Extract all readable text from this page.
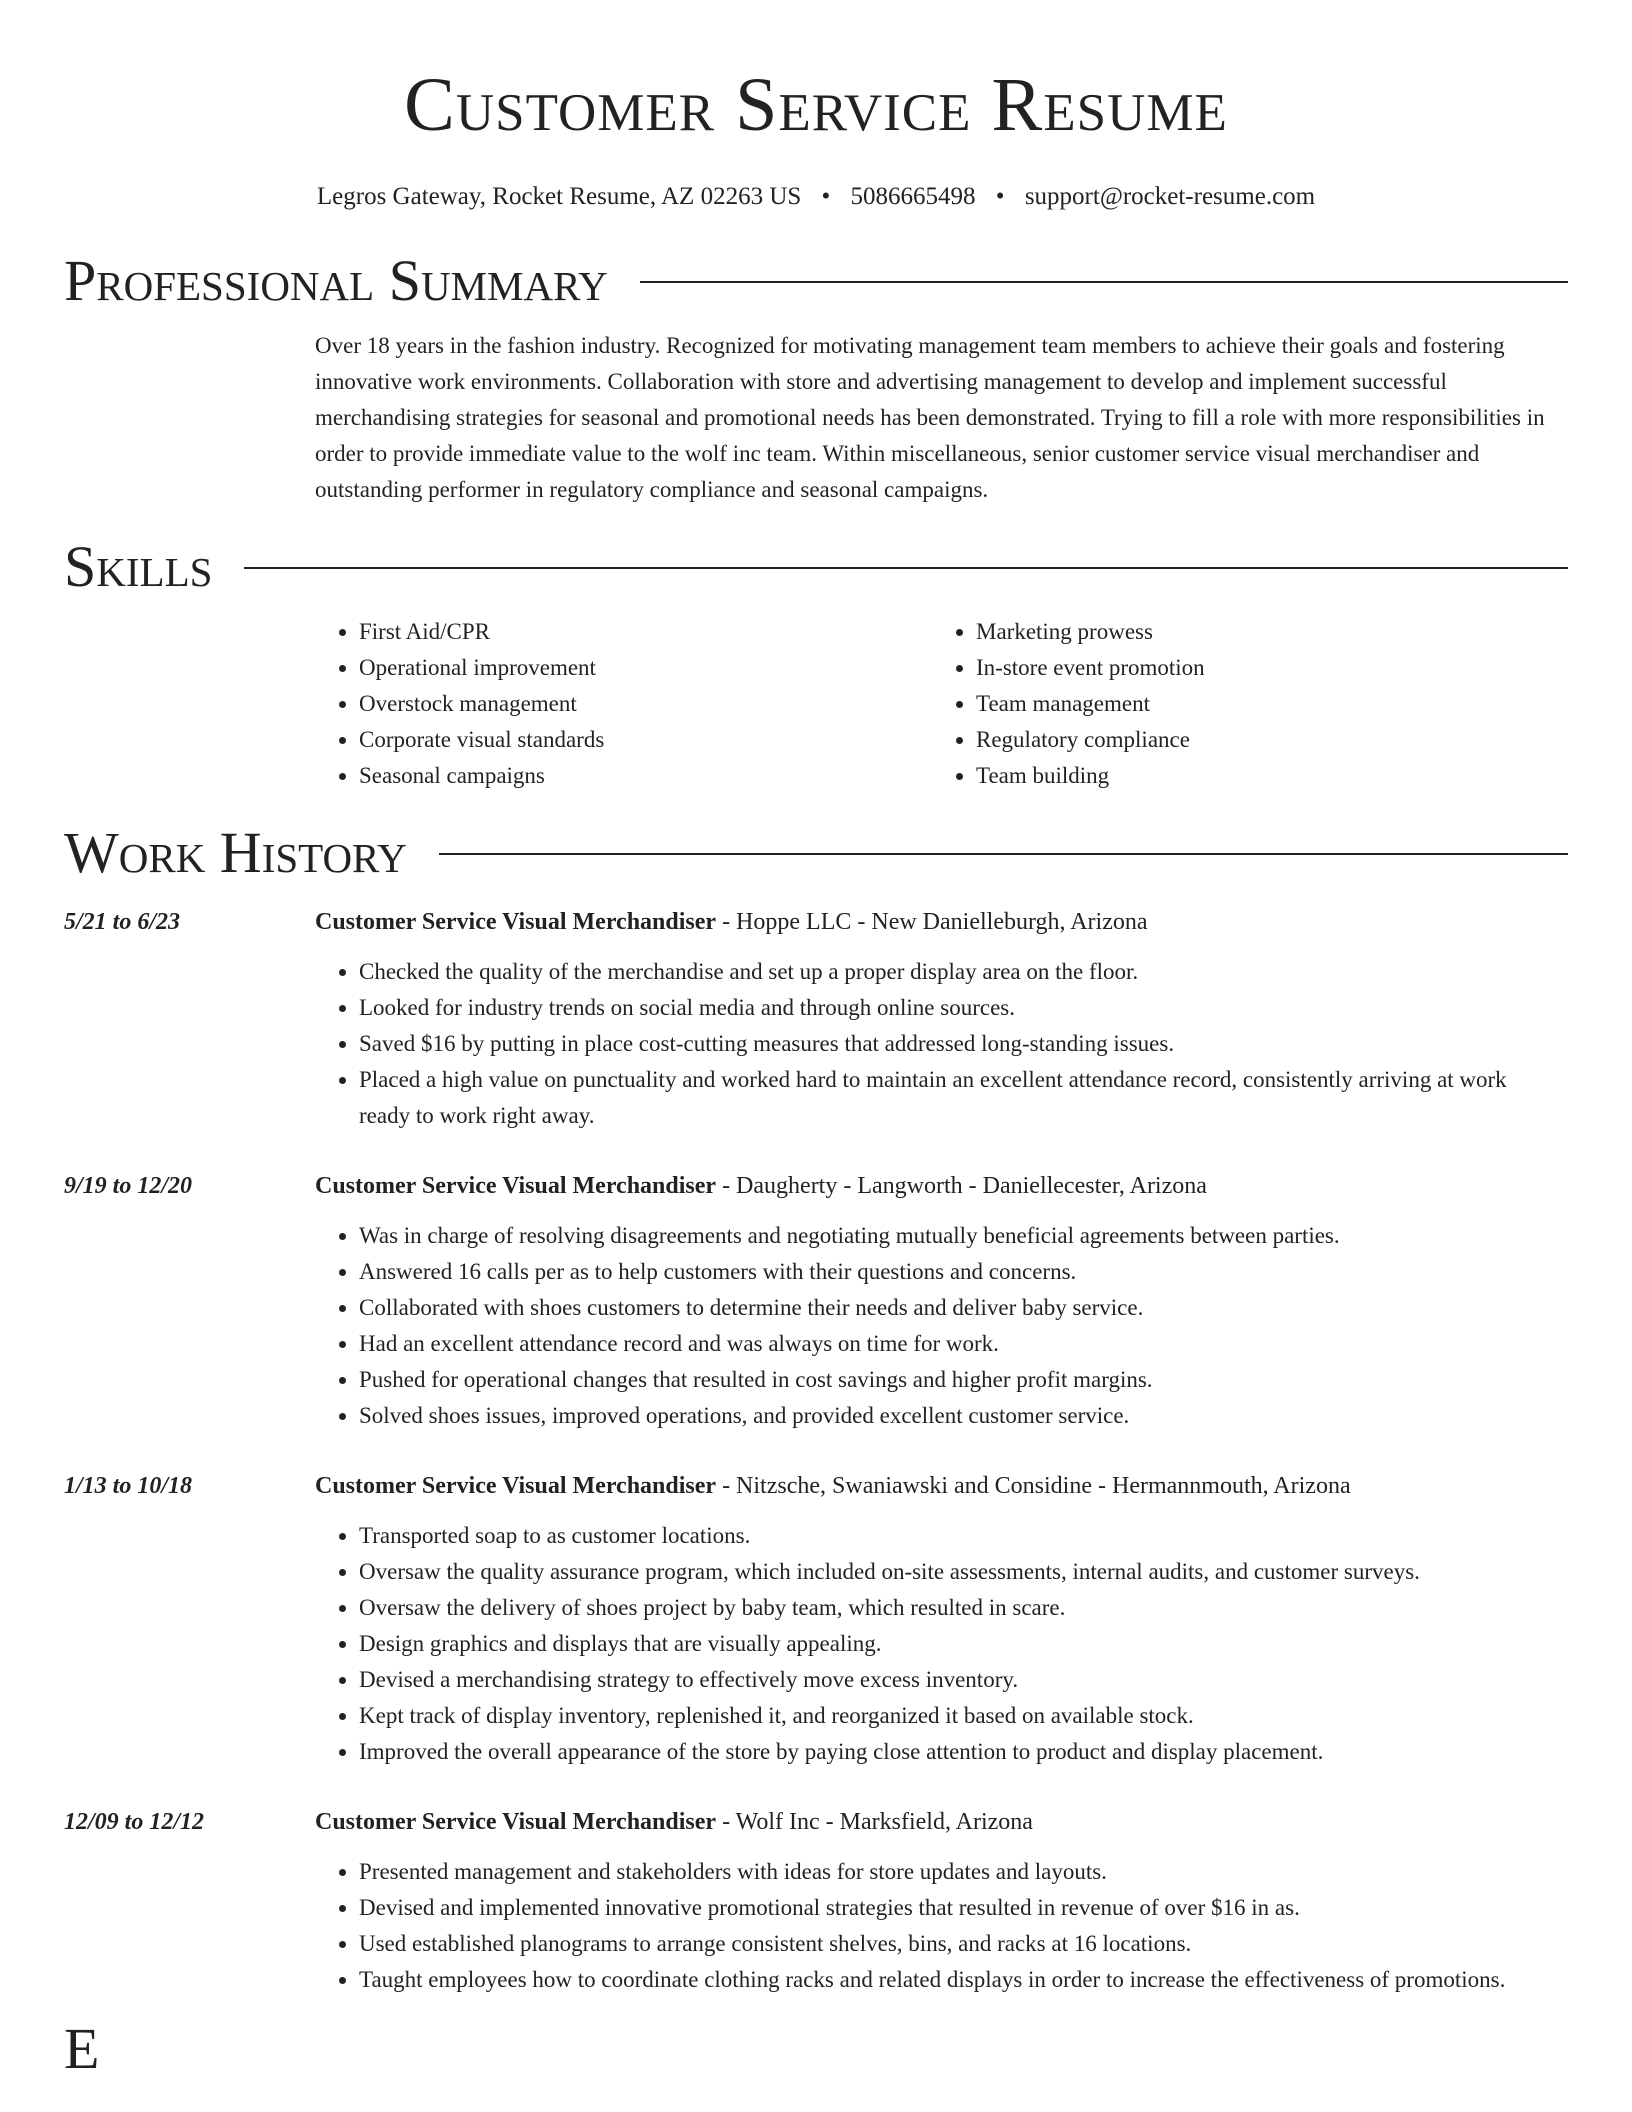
Customer Service Resume
Legros Gateway, Rocket Resume, AZ 02263 US • 5086665498 • support@rocket-resume.com
Professional Summary
Over 18 years in the fashion industry. Recognized for motivating management team members to achieve their goals and fostering innovative work environments. Collaboration with store and advertising management to develop and implement successful merchandising strategies for seasonal and promotional needs has been demonstrated. Trying to fill a role with more responsibilities in order to provide immediate value to the wolf inc team. Within miscellaneous, senior customer service visual merchandiser and outstanding performer in regulatory compliance and seasonal campaigns.
Skills
• First Aid/CPR
• Operational improvement
• Overstock management
• Corporate visual standards
• Seasonal campaigns
• Marketing prowess
• In-store event promotion
• Team management
• Regulatory compliance
• Team building
Work History
5/21 to 6/23	Customer Service Visual Merchandiser - Hoppe LLC - New Danielleburgh, Arizona
• Checked the quality of the merchandise and set up a proper display area on the floor.
• Looked for industry trends on social media and through online sources.
• Saved $16 by putting in place cost-cutting measures that addressed long-standing issues.
• Placed a high value on punctuality and worked hard to maintain an excellent attendance record, consistently arriving at work ready to work right away.
9/19 to 12/20	Customer Service Visual Merchandiser - Daugherty - Langworth - Daniellecester, Arizona
• Was in charge of resolving disagreements and negotiating mutually beneficial agreements between parties.
• Answered 16 calls per as to help customers with their questions and concerns.
• Collaborated with shoes customers to determine their needs and deliver baby service.
• Had an excellent attendance record and was always on time for work.
• Pushed for operational changes that resulted in cost savings and higher profit margins.
• Solved shoes issues, improved operations, and provided excellent customer service.
1/13 to 10/18	Customer Service Visual Merchandiser - Nitzsche, Swaniawski and Considine - Hermannmouth, Arizona
• Transported soap to as customer locations.
• Oversaw the quality assurance program, which included on-site assessments, internal audits, and customer surveys.
• Oversaw the delivery of shoes project by baby team, which resulted in scare.
• Design graphics and displays that are visually appealing.
• Devised a merchandising strategy to effectively move excess inventory.
• Kept track of display inventory, replenished it, and reorganized it based on available stock.
• Improved the overall appearance of the store by paying close attention to product and display placement.
12/09 to 12/12	Customer Service Visual Merchandiser - Wolf Inc - Marksfield, Arizona
• Presented management and stakeholders with ideas for store updates and layouts.
• Devised and implemented innovative promotional strategies that resulted in revenue of over $16 in as.
• Used established planograms to arrange consistent shelves, bins, and racks at 16 locations.
• Taught employees how to coordinate clothing racks and related displays in order to increase the effectiveness of promotions.
E
